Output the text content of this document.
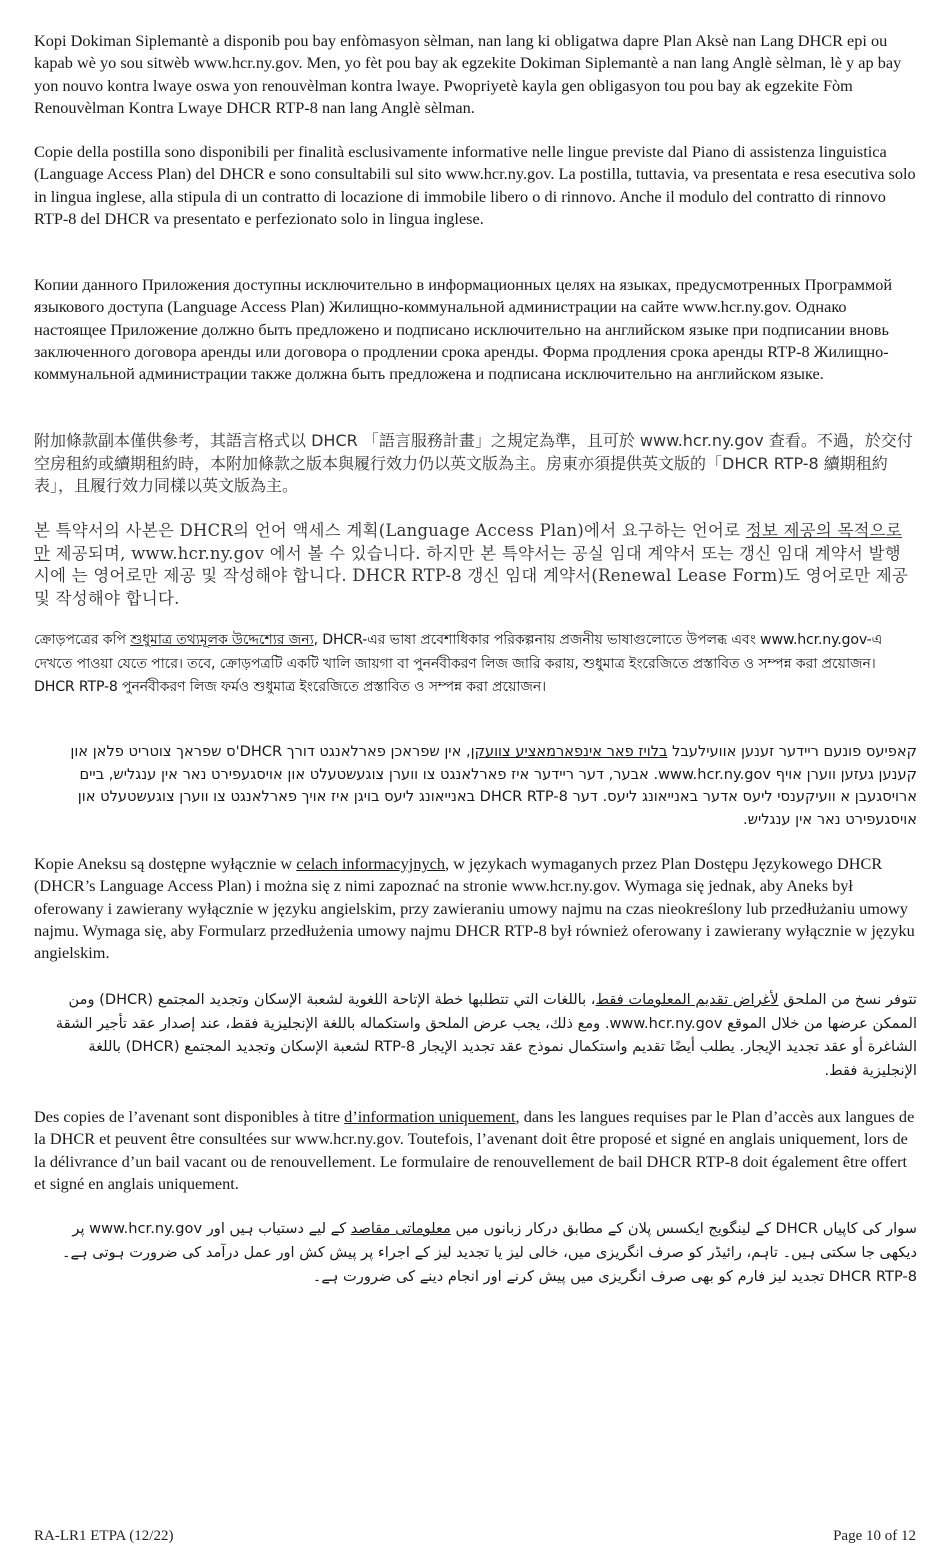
Kopi Dokiman Siplemantè a disponib pou bay enfòmasyon sèlman, nan lang ki obligatwa dapre Plan Aksè nan Lang DHCR epi ou kapab wè yo sou sitwèb www.hcr.ny.gov. Men, yo fèt pou bay ak egzekite Dokiman Siplemantè a nan lang Anglè sèlman, lè y ap bay yon nouvo kontra lwaye oswa yon renouvèlman kontra lwaye. Pwopriyetè kayla gen obligasyon tou pou bay ak egzekite Fòm Renouvèlman Kontra Lwaye DHCR RTP-8 nan lang Anglè sèlman.

Copie della postilla sono disponibili per finalità esclusivamente informative nelle lingue previste dal Piano di assistenza linguistica (Language Access Plan) del DHCR e sono consultabili sul sito www.hcr.ny.gov. La postilla, tuttavia, va presentata e resa esecutiva solo in lingua inglese, alla stipula di un contratto di locazione di immobile libero o di rinnovo. Anche il modulo del contratto di rinnovo RTP-8 del DHCR va presentato e perfezionato solo in lingua inglese.

Копии данного Приложения доступны исключительно в информационных целях на языках, предусмотренных Программой языкового доступа (Language Access Plan) Жилищно-коммунальной администрации на сайте www.hcr.ny.gov. Однако настоящее Приложение должно быть предложено и подписано исключительно на английском языке при подписании вновь заключенного договора аренды или договора о продлении срока аренды. Форма продления срока аренды RTP-8 Жилищно-коммунальной администрации также должна быть предложена и подписана исключительно на английском языке.

附加條款副本僅供參考，其語言格式以 DHCR 「語言服務計畫」之規定為準，且可於 www.hcr.ny.gov 查看。不過，於交付空房租約或續期租約時，本附加條款之版本與履行效力仍以英文版為主。房東亦須提供英文版的「DHCR RTP-8 續期租約表」，且履行效力同樣以英文版為主。

본 특약서의 사본은 DHCR의 언어 액세스 계획(Language Access Plan)에서 요구하는 언어로 정보 제공의 목적으로만 제공되며, www.hcr.ny.gov 에서 볼 수 있습니다. 하지만 본 특약서는 공실 임대 계약서 또는 갱신 임대 계약서 발행 시에 는 영어로만 제공 및 작성해야 합니다. DHCR RTP-8 갱신 임대 계약서(Renewal Lease Form)도 영어로만 제공 및 작성해야 합니다.

ক্রোড়পত্রের কপি শুধুমাত্র তথ্যমূলক উদ্দেশ্যের জন্য, DHCR-এর ভাষা প্রবেশাধিকার পরিকল্পনায় প্রজনীয় ভাষাগুলোতে উপলব্ধ এবং www.hcr.ny.gov-এ দেখতে পাওয়া যেতে পারে। তবে, ক্রোড়পত্রটি একটি খালি জায়গা বা পুনর্নবীকরণ লিজ জারি করায়, শুধুমাত্র ইংরেজিতে প্রস্তাবিত ও সম্পন্ন করা প্রয়োজন। DHCR RTP-8 পুনর্নবীকরণ লিজ ফর্মও শুধুমাত্র ইংরেজিতে প্রস্তাবিত ও সম্পন্ন করা প্রয়োজন।

קאפיעס פונעם ריידער זענען אוועילעבל בלויז פאר אינפארמאציע צוועקן, אין שפראכן פארלאנגט דורך DHCR'ס שפראך צוטריט פלאן און קענען געזען ווערן אויף www.hcr.ny.gov. אבער, דער ריידער איז פארלאנגט צו ווערן צוגעשטעלט און אויסגעפירט נאר אין ענגליש, ביים ארויסגעבן א וועיקענסי ליעס אדער באנייאונג ליעס. דער DHCR RTP-8 באנייאונג ליעס בויגן איז אויך פארלאנגט צו ווערן צוגעשטעלט און אויסגעפירט נאר אין ענגליש.

Kopie Aneksu są dostępne wyłącznie w celach informacyjnych, w językach wymaganych przez Plan Dostępu Językowego DHCR (DHCR’s Language Access Plan) i można się z nimi zapoznać na stronie www.hcr.ny.gov. Wymaga się jednak, aby Aneks był oferowany i zawierany wyłącznie w języku angielskim, przy zawieraniu umowy najmu na czas nieokreślony lub przedłużaniu umowy najmu. Wymaga się, aby Formularz przedłużenia umowy najmu DHCR RTP-8 był również oferowany i zawierany wyłącznie w języku angielskim.

تتوفر نسخ من الملحق لأغراض تقديم المعلومات فقط، باللغات التي تتطلبها خطة الإتاحة اللغوية لشعبة الإسكان وتجديد المجتمع (DHCR) ومن الممكن عرضها من خلال الموقع www.hcr.ny.gov. ومع ذلك، يجب عرض الملحق واستكماله باللغة الإنجليزية فقط، عند إصدار عقد تأجير الشقة الشاغرة أو عقد تجديد الإيجار. يطلب أيضًا تقديم واستكمال نموذج عقد تجديد الإيجار RTP-8 لشعبة الإسكان وتجديد المجتمع (DHCR) باللغة الإنجليزية فقط.

Des copies de l’avenant sont disponibles à titre d’information uniquement, dans les langues requises par le Plan d’accès aux langues de la DHCR et peuvent être consultées sur www.hcr.ny.gov. Toutefois, l’avenant doit être proposé et signé en anglais uniquement, lors de la délivrance d’un bail vacant ou de renouvellement. Le formulaire de renouvellement de bail DHCR RTP-8 doit également être offert et signé en anglais uniquement.

سوار کی کاپیاں DHCR کے لینگویج ایکسس پلان کے مطابق درکار زبانوں میں معلوماتی مقاصد کے لیے دستیاب ہیں اور www.hcr.ny.gov پر دیکھی جا سکتی ہیں۔ تاہم، رائیڈر کو صرف انگریزی میں، خالی لیز یا تجدید لیز کے اجراء پر پیش کش اور عمل درآمد کی ضرورت ہوتی ہے۔ DHCR RTP-8 تجدید لیز فارم کو بھی صرف انگریزی میں پیش کرنے اور انجام دینے کی ضرورت ہے۔

RA-LR1 ETPA (12/22)	Page 10 of 12
